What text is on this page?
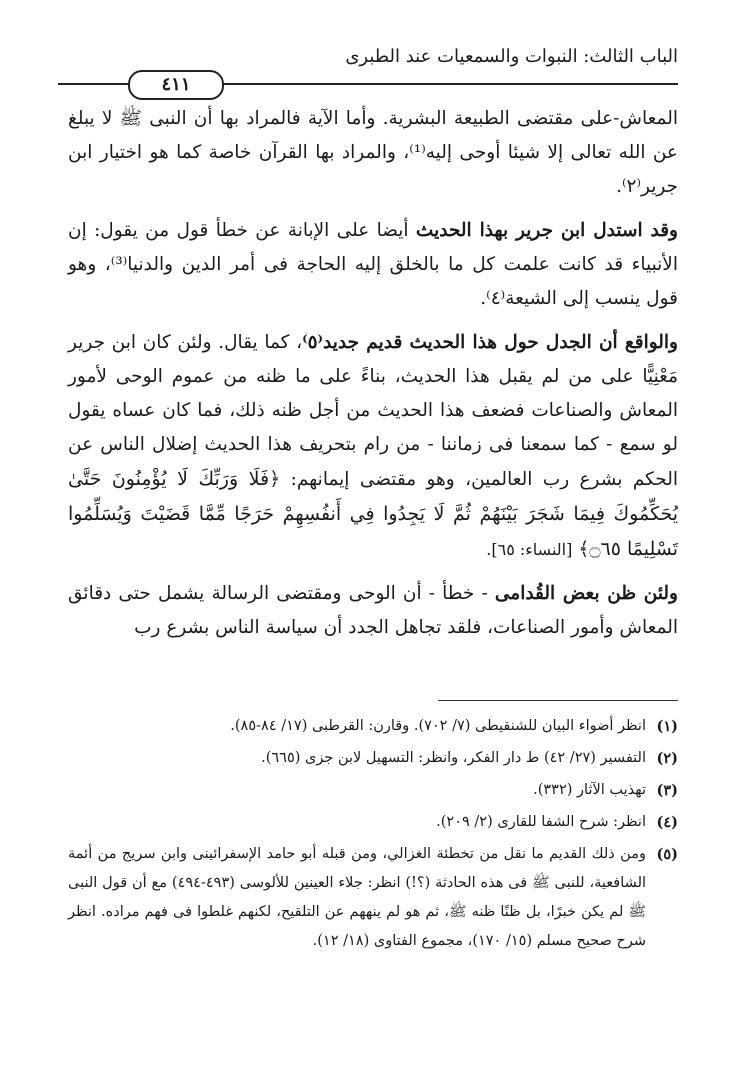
الباب الثالث: النبوات والسمعيات عند الطبرى
٤١١

المعاش-على مقتضى الطبيعة البشرية. وأما الآية فالمراد بها أن النبى ﷺ لا يبلغ عن الله تعالى إلا شيئا أوحى إليه⁽¹⁾، والمراد بها القرآن خاصة كما هو اختيار ابن جرير⁽٢⁾.

وقد استدل ابن جرير بهذا الحديث أيضا على الإبانة عن خطأ قول من يقول: إن الأنبياء قد كانت علمت كل ما بالخلق إليه الحاجة فى أمر الدين والدنيا⁽³⁾، وهو قول ينسب إلى الشيعة⁽٤⁾.

والواقع أن الجدل حول هذا الحديث قديم جديد⁽٥⁾، كما يقال. ولئن كان ابن جرير مَعْنِيًّا على من لم يقبل هذا الحديث، بناءً على ما ظنه من عموم الوحى لأمور المعاش والصناعات فضعف هذا الحديث من أجل ظنه ذلك، فما كان عساه يقول لو سمع - كما سمعنا فى زماننا - من رام بتحريف هذا الحديث إضلال الناس عن الحكم بشرع رب العالمين، وهو مقتضى إيمانهم: ﴿فَلَا وَرَبِّكَ لَا يُؤْمِنُونَ حَتَّىٰ يُحَكِّمُوكَ فِيمَا شَجَرَ بَيْنَهُمْ ثُمَّ لَا يَجِدُوا فِي أَنفُسِهِمْ حَرَجًا مِّمَّا قَضَيْتَ وَيُسَلِّمُوا تَسْلِيمًا ۝٦٥﴾ [النساء: ٦٥].

ولئن ظن بعض القُدامى - خطأ - أن الوحى ومقتضى الرسالة يشمل حتى دقائق المعاش وأمور الصناعات، فلقد تجاهل الجدد أن سياسة الناس بشرع رب

(١)
انظر أضواء البيان للشنقيطى (٧/ ٧٠٢). وقارن: القرطبى (١٧/ ٨٤-٨٥).
(٢)
التفسير (٢٧/ ٤٢) ط دار الفكر، وانظر: التسهيل لابن جزى (٦٦٥).
(٣)
تهذيب الآثار (٣٣٢).
(٤)
انظر: شرح الشفا للقارى (٢/ ٢٠٩).
(٥)
ومن ذلك القديم ما نقل من تخطئة الغزالي، ومن قبله أبو حامد الإسفرائينى وابن سريج من أئمة الشافعية، للنبى ﷺ فى هذه الحادثة (؟!) انظر: جلاء العينين للألوسى (٤٩٣-٤٩٤) مع أن قول النبى ﷺ لم يكن خبرًا، بل ظنًا ظنه ﷺ، ثم هو لم ينههم عن التلقيح، لكنهم غلطوا فى فهم مراده. انظر شرح صحيح مسلم (١٥/ ١٧٠)، مجموع الفتاوى (١٨/ ١٢).
